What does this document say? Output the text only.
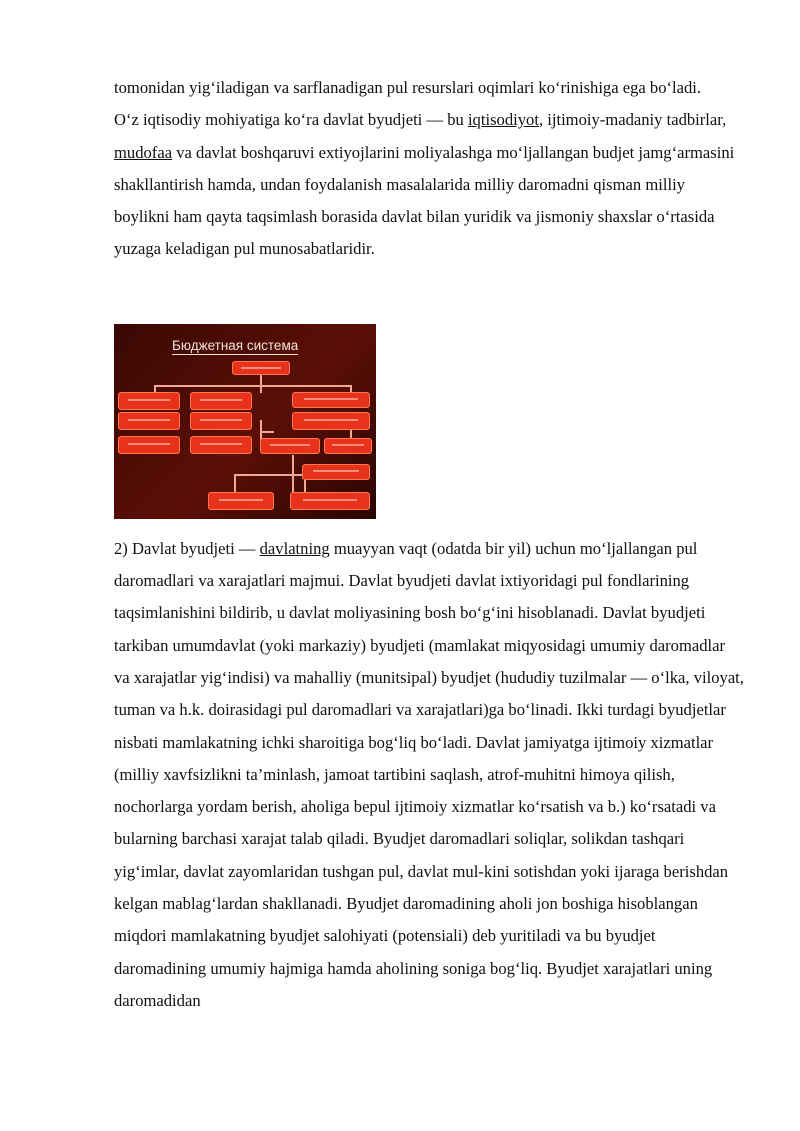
tomonidan yig‘iladigan va sarflanadigan pul resurslari oqimlari ko‘rinishiga ega bo‘ladi.

O‘z iqtisodiy mohiyatiga ko‘ra davlat byudjeti — bu iqtisodiyot, ijtimoiy-madaniy tadbirlar, mudofaa va davlat boshqaruvi extiyojlarini moliyalashga mo‘ljallangan budjet jamg‘armasini shakllantirish hamda, undan foydalanish masalalarida milliy daromadni qisman milliy boylikni ham qayta taqsimlash borasida davlat bilan yuridik va jismoniy shaxslar o‘rtasida yuzaga keladigan pul munosabatlaridir.

Бюджетная система

2) Davlat byudjeti — davlatning muayyan vaqt (odatda bir yil) uchun mo‘ljallangan pul daromadlari va xarajatlari majmui. Davlat byudjeti davlat ixtiyoridagi pul fondlarining taqsimlanishini bildirib, u davlat moliyasining bosh bo‘g‘ini hisoblanadi. Davlat byudjeti tarkiban umumdavlat (yoki markaziy) byudjeti (mamlakat miqyosidagi umumiy daromadlar va xarajatlar yig‘indisi) va mahalliy (munitsipal) byudjet (hududiy tuzilmalar — o‘lka, viloyat, tuman va h.k. doirasidagi pul daromadlari va xarajatlari)ga bo‘linadi. Ikki turdagi byudjetlar nisbati mamlakatning ichki sharoitiga bog‘liq bo‘ladi. Davlat jamiyatga ijtimoiy xizmatlar (milliy xavfsizlikni ta’minlash, jamoat tartibini saqlash, atrof-muhitni himoya qilish, nochorlarga yordam berish, aholiga bepul ijtimoiy xizmatlar ko‘rsatish va b.) ko‘rsatadi va bularning barchasi xarajat talab qiladi. Byudjet daromadlari soliqlar, solikdan tashqari yig‘imlar, davlat zayomlaridan tushgan pul, davlat mul-kini sotishdan yoki ijaraga berishdan kelgan mablag‘lardan shakllanadi. Byudjet daromadining aholi jon boshiga hisoblangan miqdori mamlakatning byudjet salohiyati (potensiali) deb yuritiladi va bu byudjet daromadining umumiy hajmiga hamda aholining soniga bog‘liq. Byudjet xarajatlari uning daromadidan
